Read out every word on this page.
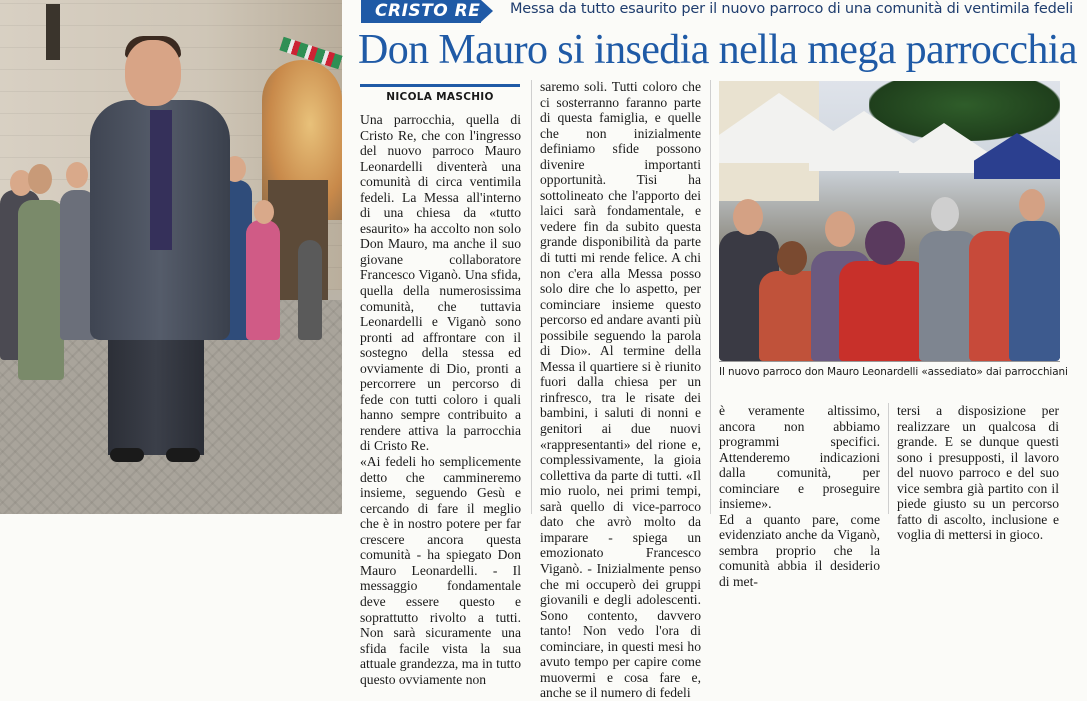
CRISTO RE Messa da tutto esaurito per il nuovo parroco di una comunità di ventimila fedeli
Don Mauro si insedia nella mega parrocchia
NICOLA MASCHIO
Una parrocchia, quella di Cristo Re, che con l'ingresso del nuovo parroco Mauro Leonardelli diventerà una comunità di circa ventimila fedeli. La Messa all'interno di una chiesa da «tutto esaurito» ha accolto non solo Don Mauro, ma anche il suo giovane collaboratore Francesco Viganò. Una sfida, quella della numerosissima comunità, che tuttavia Leonardelli e Viganò sono pronti ad affrontare con il sostegno della stessa ed ovviamente di Dio, pronti a percorrere un percorso di fede con tutti coloro i quali hanno sempre contribuito a rendere attiva la parrocchia di Cristo Re.
«Ai fedeli ho semplicemente detto che cammineremo insieme, seguendo Gesù e cercando di fare il meglio che è in nostro potere per far crescere ancora questa comunità - ha spiegato Don Mauro Leonardelli. - Il messaggio fondamentale deve essere questo e soprattutto rivolto a tutti. Non sarà sicuramente una sfida facile vista la sua attuale grandezza, ma in tutto questo ovviamente non
saremo soli. Tutti coloro che ci sosterranno faranno parte di questa famiglia, e quelle che non inizialmente definiamo sfide possono divenire importanti opportunità. Tisi ha sottolineato che l'apporto dei laici sarà fondamentale, e vedere fin da subito questa grande disponibilità da parte di tutti mi rende felice. A chi non c'era alla Messa posso solo dire che lo aspetto, per cominciare insieme questo percorso ed andare avanti più possibile seguendo la parola di Dio». Al termine della Messa il quartiere si è riunito fuori dalla chiesa per un rinfresco, tra le risate dei bambini, i saluti di nonni e genitori ai due nuovi «rappresentanti» del rione e, complessivamente, la gioia collettiva da parte di tutti. «Il mio ruolo, nei primi tempi, sarà quello di vice-parroco dato che avrò molto da imparare - spiega un emozionato Francesco Viganò. - Inizialmente penso che mi occuperò dei gruppi giovanili e degli adolescenti. Sono contento, davvero tanto! Non vedo l'ora di cominciare, in questi mesi ho avuto tempo per capire come muovermi e cosa fare e, anche se il numero di fedeli
Il nuovo parroco don Mauro Leonardelli «assediato» dai parrocchiani
è veramente altissimo, ancora non abbiamo programmi specifici. Attenderemo indicazioni dalla comunità, per cominciare e proseguire insieme».
Ed a quanto pare, come evidenziato anche da Viganò, sembra proprio che la comunità abbia il desiderio di met-
tersi a disposizione per realizzare un qualcosa di grande. E se dunque questi sono i presupposti, il lavoro del nuovo parroco e del suo vice sembra già partito con il piede giusto su un percorso fatto di ascolto, inclusione e voglia di mettersi in gioco.
